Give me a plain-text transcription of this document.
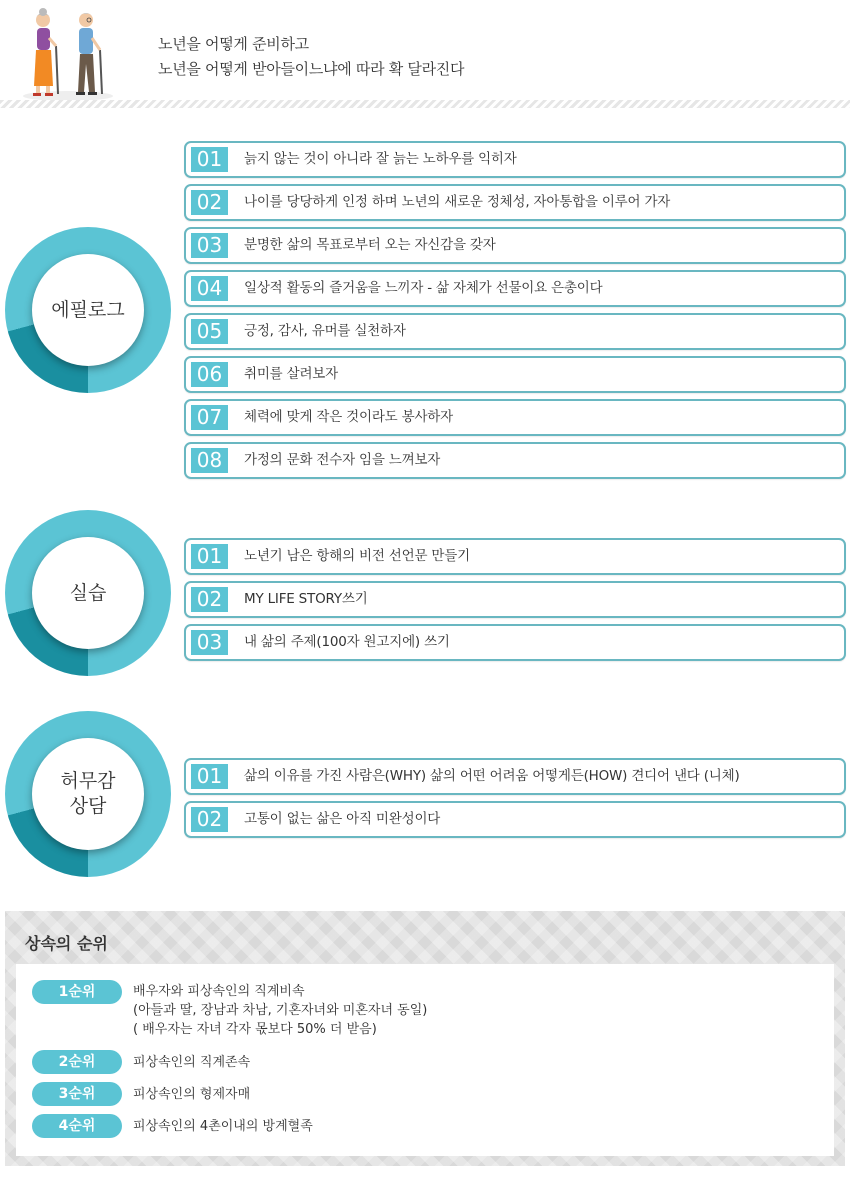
노년을 어떻게 준비하고
노년을 어떻게 받아들이느냐에 따라 확 달라진다
에필로그
01	늙지 않는 것이 아니라 잘 늙는 노하우를 익히자
02	나이를 당당하게 인정 하며 노년의 새로운 정체성, 자아통합을 이루어 가자
03	분명한 삶의 목표로부터 오는 자신감을 갖자
04	일상적 활동의 즐거움을 느끼자 - 삶 자체가 선물이요 은총이다
05	긍정, 감사, 유머를 실천하자
06	취미를 살려보자
07	체력에 맞게 작은 것이라도 봉사하자
08	가정의 문화 전수자 임을 느껴보자
실습
01	노년기 남은 항해의 비전 선언문 만들기
02	MY LIFE STORY쓰기
03	내 삶의 주제(100자 원고지에) 쓰기
허무감
상담
01	삶의 이유를 가진 사람은(WHY) 삶의 어떤 어려움 어떻게든(HOW) 견디어 낸다 (니체)
02	고통이 없는 삶은 아직 미완성이다
상속의 순위
1순위	배우자와 피상속인의 직계비속
(아들과 딸, 장남과 차남, 기혼자녀와 미혼자녀 동일)
( 배우자는 자녀 각자 몫보다 50% 더 받음)
2순위	피상속인의 직계존속
3순위	피상속인의 형제자매
4순위	피상속인의 4촌이내의 방계혈족
